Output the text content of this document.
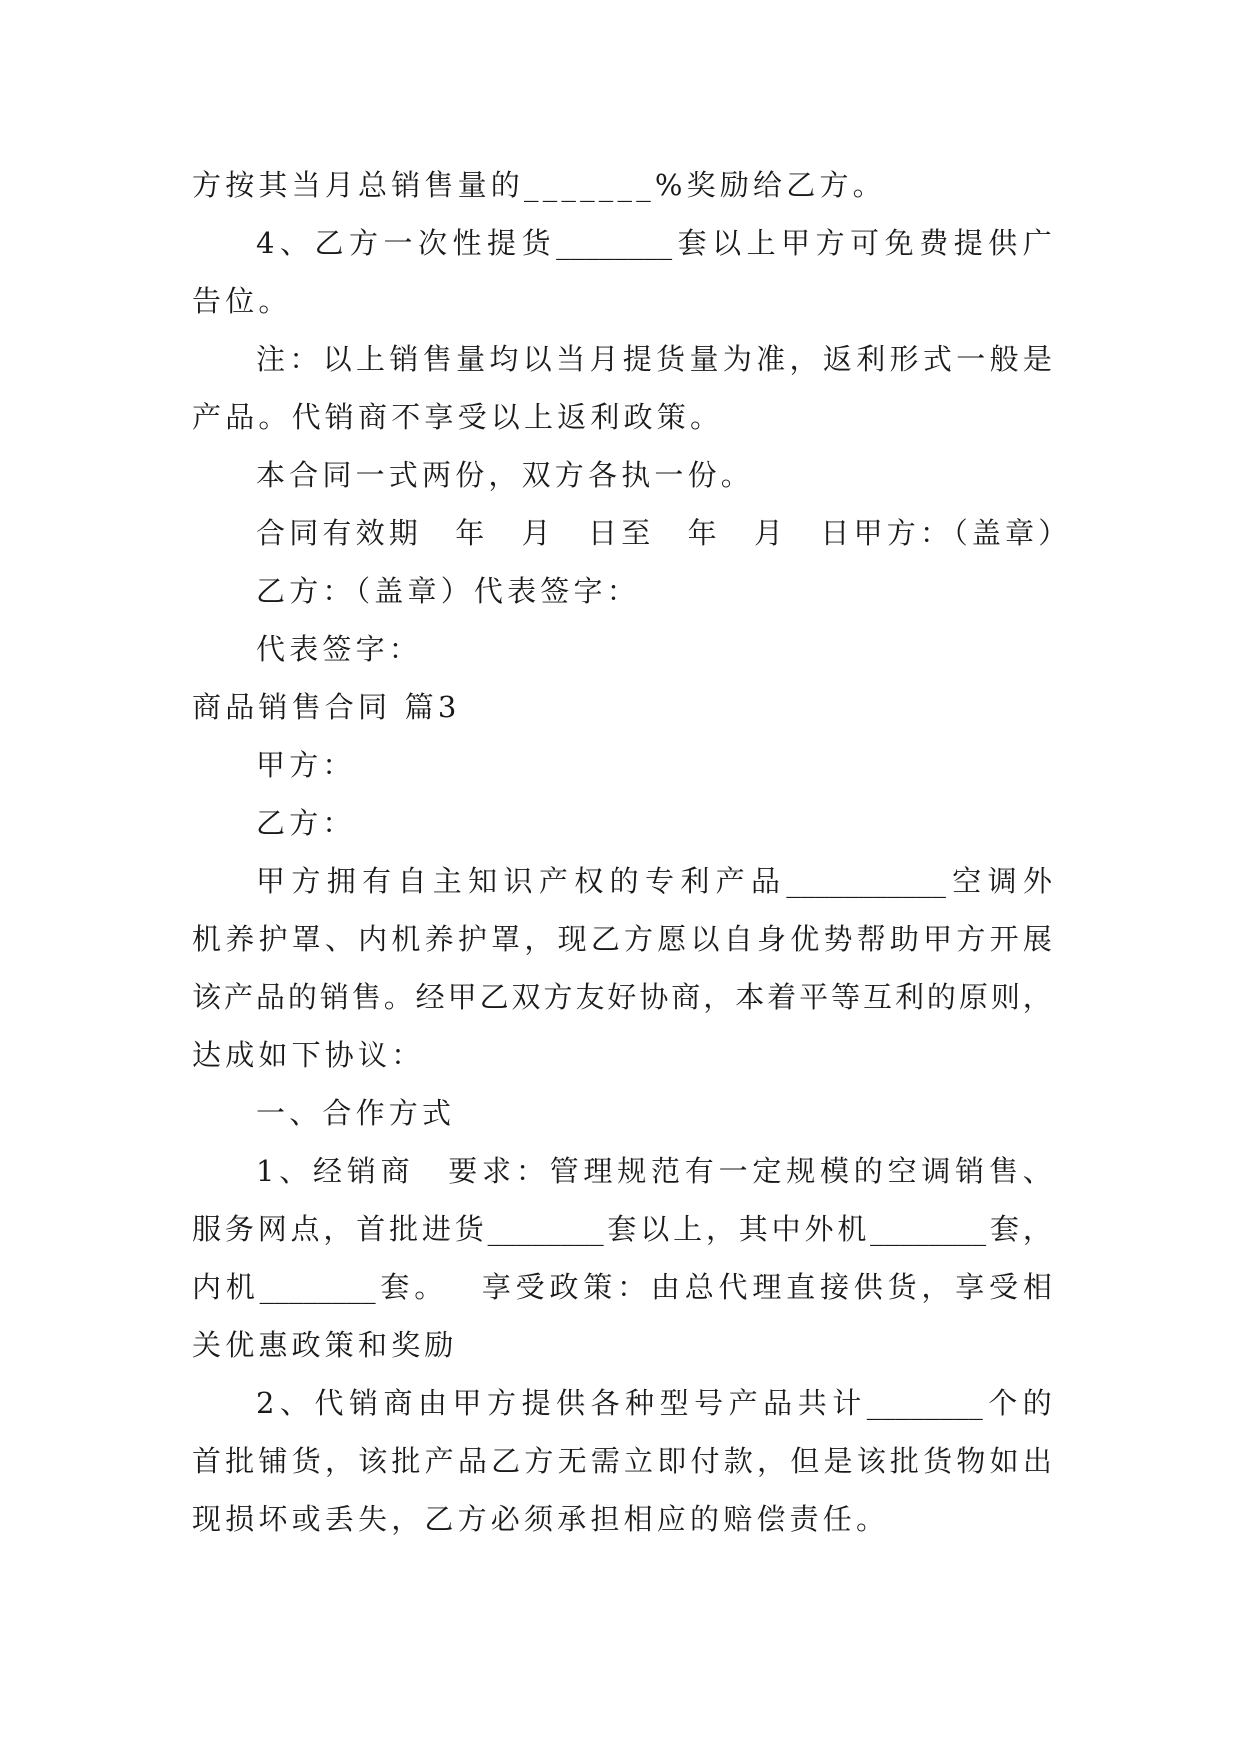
方按其当月总销售量的_______%奖励给乙方。
4 、 乙 方 一 次 性 提 货 ________ 套 以 上 甲 方 可 免 费 提 供 广
告位。
注 ： 以 上 销 售 量 均 以 当 月 提 货 量 为 准 ， 返 利 形 式 一 般 是
产品。代销商不享受以上返利政策。
本合同一式两份，双方各执一份。
合同有效期　年　月　日至　年　月　日甲方：（盖章）
乙方：（盖章）代表签字：
代表签字：
商品销售合同 篇3
甲方：
乙方：
甲 方 拥 有 自 主 知 识 产 权 的 专 利 产 品 ___________ 空 调 外
机 养 护 罩 、 内 机 养 护 罩 ， 现 乙 方 愿 以 自 身 优 势 帮 助 甲 方 开 展
该 产 品 的 销 售 。 经 甲 乙 双 方 友 好 协 商 ， 本 着 平 等 互 利 的 原 则 ，
达成如下协议：
一、合作方式
1 、 经 销 商
　 要 求 ： 管 理 规 范 有 一 定 规 模 的 空 调 销 售 、
服 务 网 点 ， 首 批 进 货 ________ 套 以 上 ， 其 中 外 机 ________ 套 ，
内 机 ________ 套 。
　 享 受 政 策 ： 由 总 代 理 直 接 供 货 ， 享 受 相
关优惠政策和奖励
2 、 代 销 商 由 甲 方 提 供 各 种 型 号 产 品 共 计 ________ 个 的
首 批 铺 货 ， 该 批 产 品 乙 方 无 需 立 即 付 款 ， 但 是 该 批 货 物 如 出
现损坏或丢失，乙方必须承担相应的赔偿责任。
